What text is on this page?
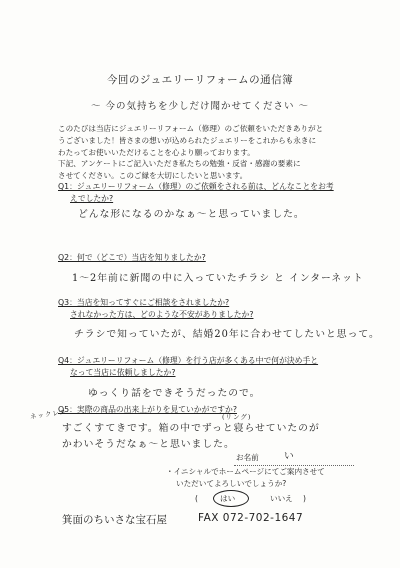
今回のジュエリーリフォームの通信簿
～ 今の気持ちを少しだけ聞かせてください ～
このたびは当店にジュエリーリフォーム（修理）のご依頼をいただきありがと
うございました！皆さまの想いが込められたジュエリーをこれからも永きに
わたってお使いいただけることを心より願っております。
下記、アンケートにご記入いただき私たちの勉強・反省・感謝の要素に
させてください。このご縁を大切にしたいと思います。
Q1：ジュエリーリフォーム（修理）のご依頼をされる前は、どんなことをお考
えでしたか?
どんな形になるのかなぁ～と思っていました。
Q2：何で（どこで）当店を知りましたか?
1～2年前に新聞の中に入っていたチラシ と インターネット
Q3：当店を知ってすぐにご相談をされましたか?
されなかった方は、どのような不安がありましたか?
チラシで知っていたが、結婚20年に合わせてしたいと思って。
Q4：ジュエリーリフォーム（修理）を行う店が多くある中で何が決め手と
なって当店に依頼しましたか?
ゆっくり話をできそうだったので。
Q5：実際の商品の出来上がりを見ていかがですか?
ネックレス
すごくすてきです。箱の中でずっと寝らせていたのが
(リング)
かわいそうだなぁ～と思いました。
お名前	い
・イニシャルでホームページにてご案内させて
いただいてよろしいでしょうか?
(	はい	いいえ )
箕面のちいさな宝石屋	FAX 072-702-1647
